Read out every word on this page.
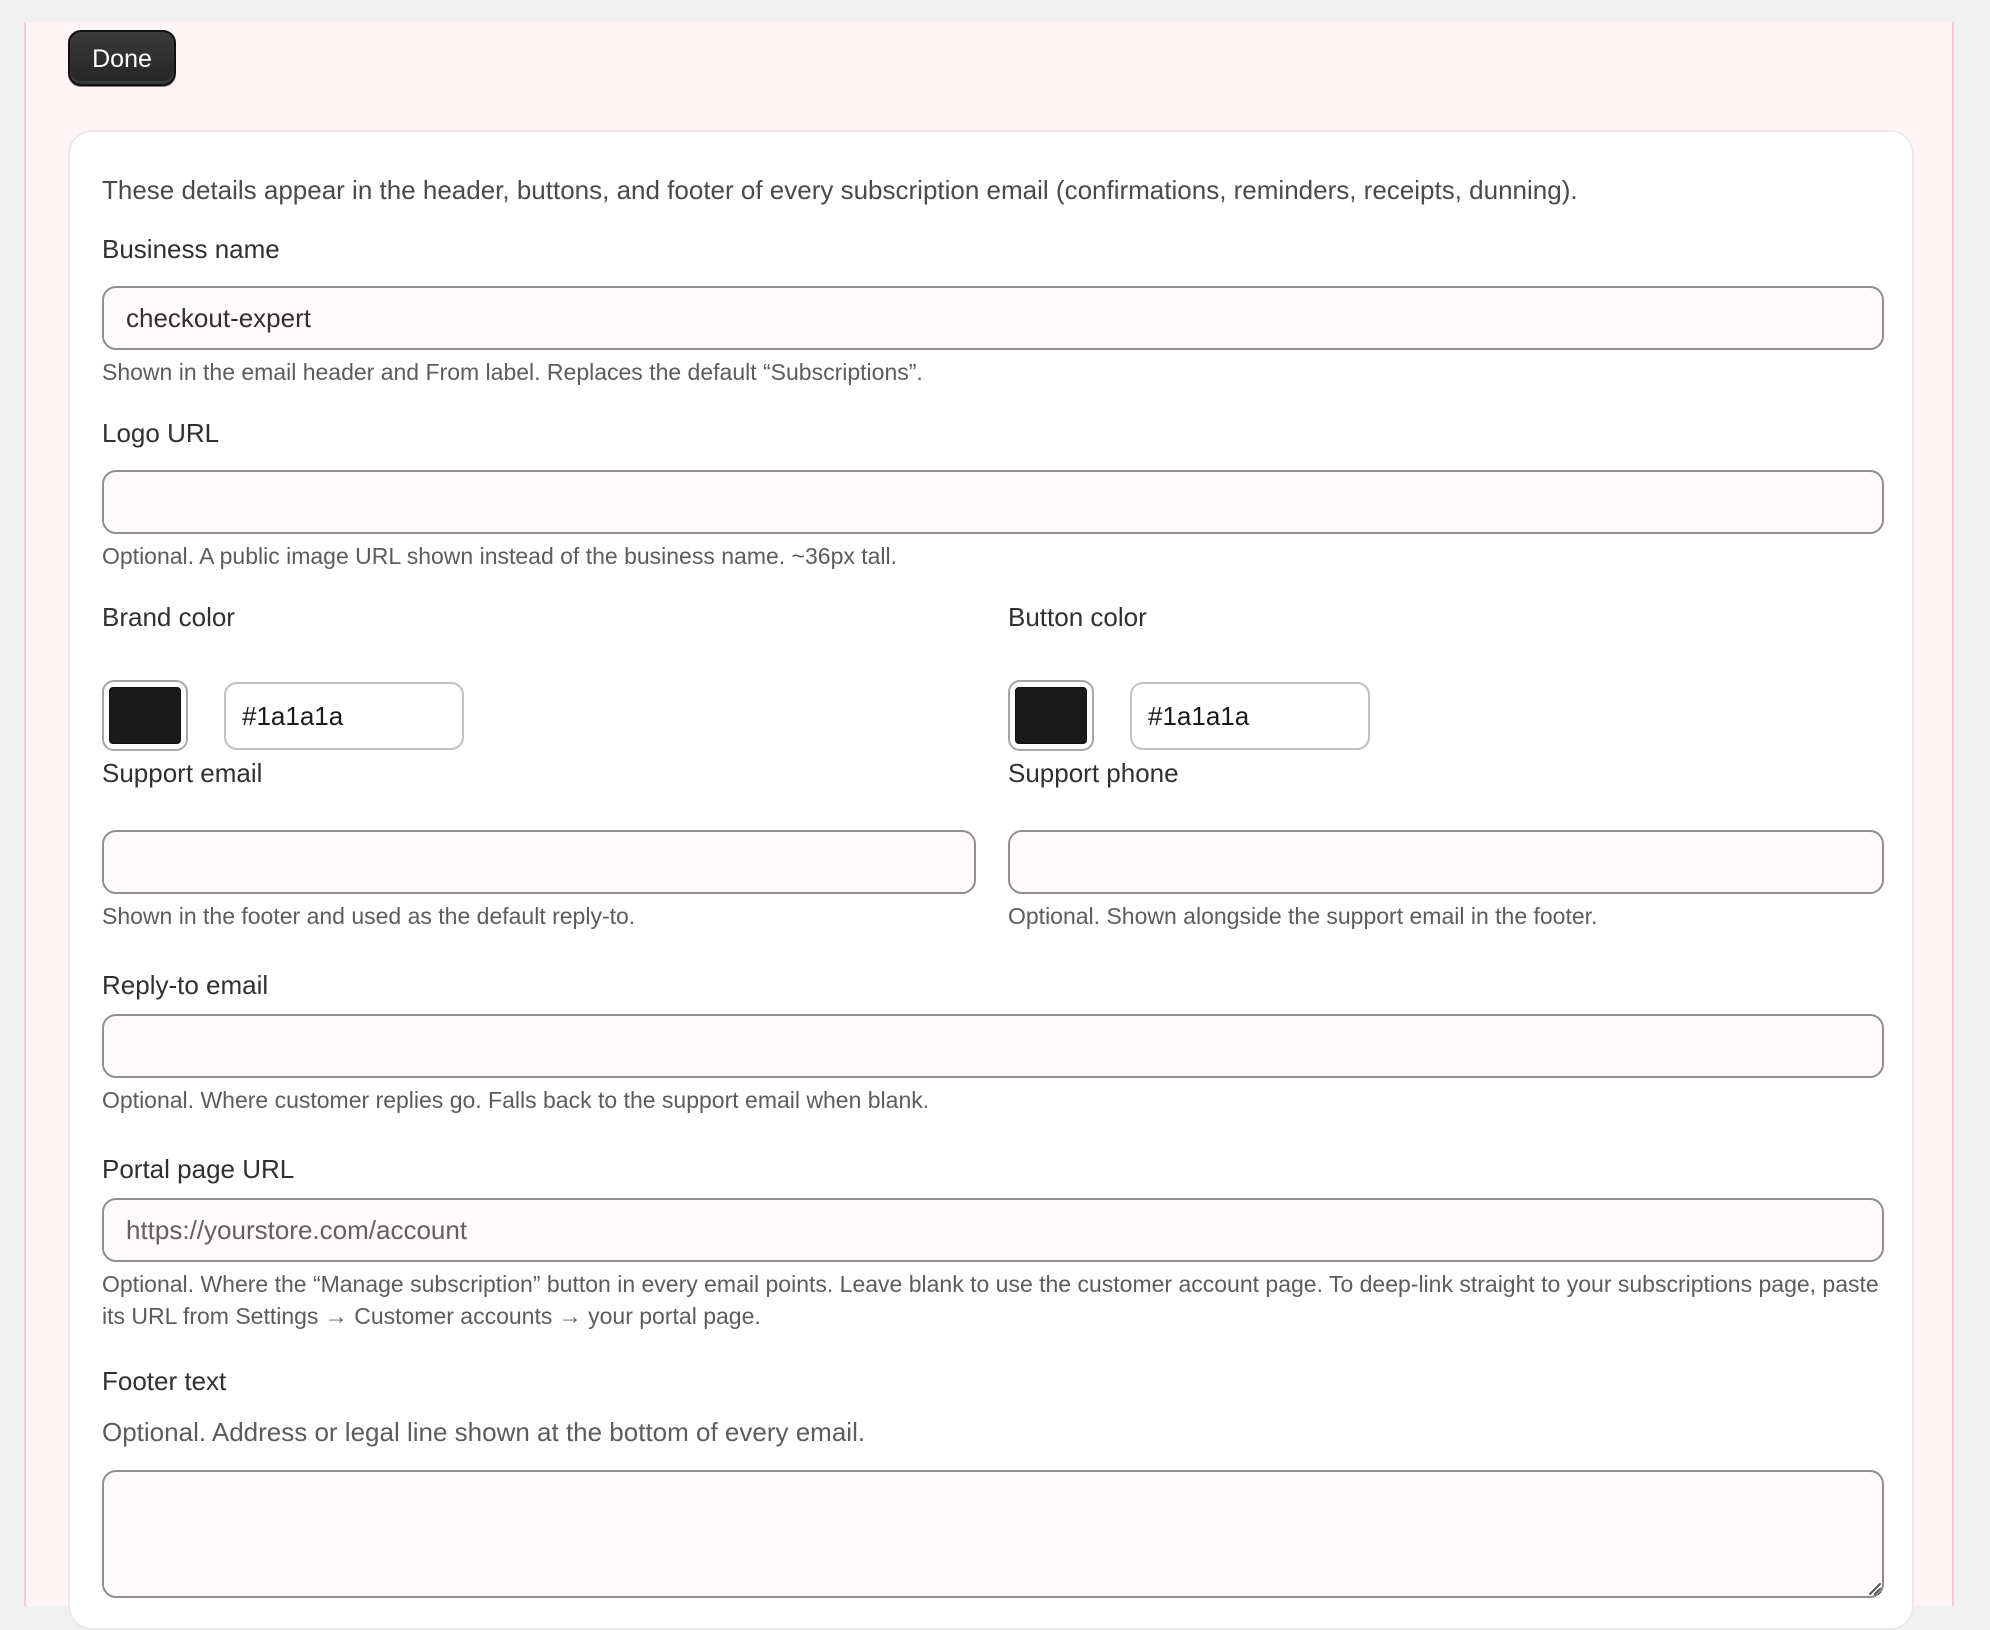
Done

These details appear in the header, buttons, and footer of every subscription email (confirmations, reminders, receipts, dunning).

Business name
checkout-expert

Shown in the email header and From label. Replaces the default “Subscriptions”.

Logo URL

Optional. A public image URL shown instead of the business name. ~36px tall.

Brand color
#1a1a1a	Button color
#1a1a1a
Support email

Shown in the footer and used as the default reply-to.

Support phone

Optional. Shown alongside the support email in the footer.

Reply-to email

Optional. Where customer replies go. Falls back to the support email when blank.

Portal page URL
https://yourstore.com/account

Optional. Where the “Manage subscription” button in every email points. Leave blank to use the customer account page. To deep-link straight to your subscriptions page, paste its URL from Settings → Customer accounts → your portal page.

Footer text

Optional. Address or legal line shown at the bottom of every email.
